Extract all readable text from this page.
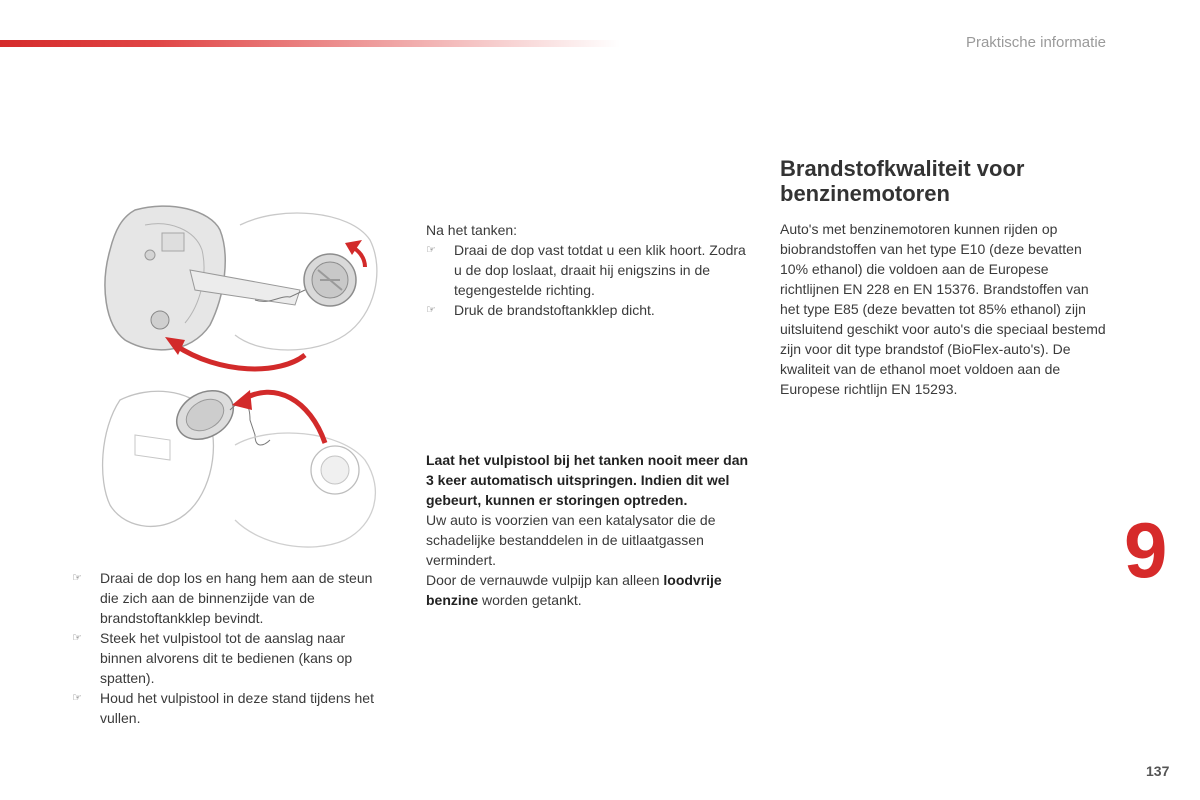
Praktische informatie
☞ Draai de dop los en hang hem aan de steun die zich aan de binnenzijde van de brandstoftankklep bevindt.
☞ Steek het vulpistool tot de aanslag naar binnen alvorens dit te bedienen (kans op spatten).
☞ Houd het vulpistool in deze stand tijdens het vullen.

Na het tanken:

☞ Draai de dop vast totdat u een klik hoort. Zodra u de dop loslaat, draait hij enigszins in de tegengestelde richting.
☞ Druk de brandstoftankklep dicht.

Laat het vulpistool bij het tanken nooit meer dan 3 keer automatisch uitspringen. Indien dit wel gebeurt, kunnen er storingen optreden.

Uw auto is voorzien van een katalysator die de schadelijke bestanddelen in de uitlaatgassen vermindert.

Door de vernauwde vulpijp kan alleen loodvrije benzine worden getankt.

Brandstofkwaliteit voor benzinemotoren

Auto's met benzinemotoren kunnen rijden op biobrandstoffen van het type E10 (deze bevatten 10% ethanol) die voldoen aan de Europese richtlijnen EN 228 en EN 15376. Brandstoffen van het type E85 (deze bevatten tot 85% ethanol) zijn uitsluitend geschikt voor auto's die speciaal bestemd zijn voor dit type brandstof (BioFlex-auto's). De kwaliteit van de ethanol moet voldoen aan de Europese richtlijn EN 15293.

9
137
